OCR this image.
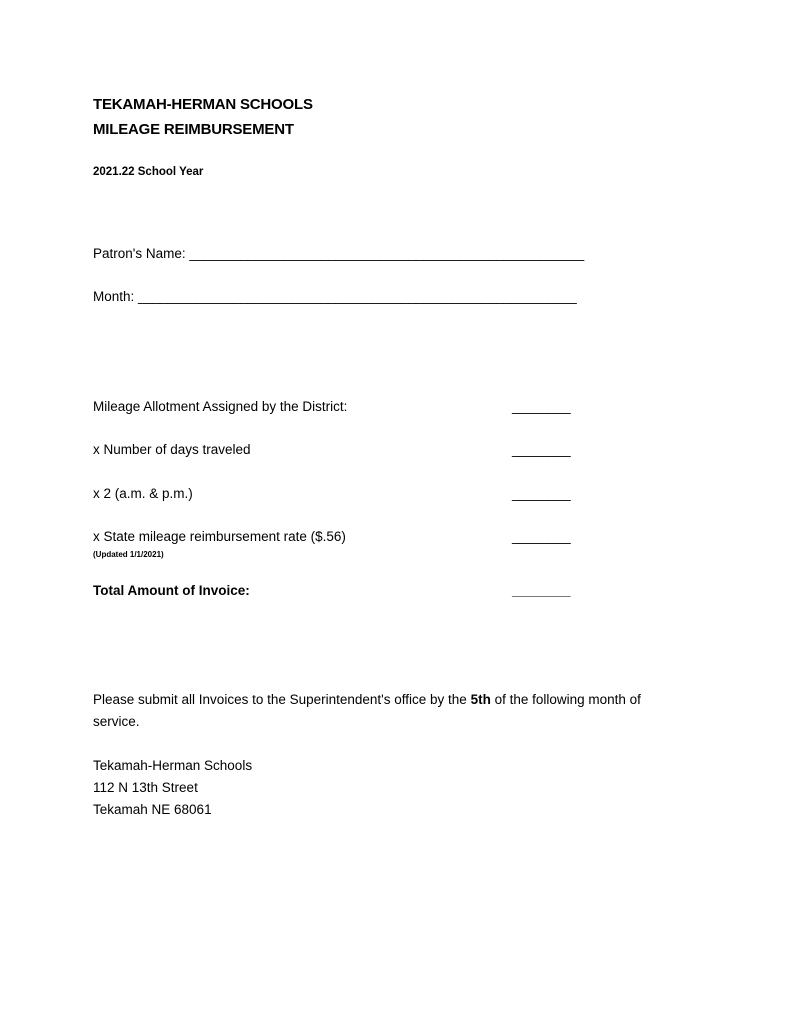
TEKAMAH-HERMAN SCHOOLS
MILEAGE REIMBURSEMENT
2021.22 School Year
Patron's Name: ______________________________________________________
Month: ____________________________________________________________
Mileage Allotment Assigned by the District:	________
x Number of days traveled	________
x 2 (a.m. & p.m.)	________
x State mileage reimbursement rate ($.56)	________
(Updated 1/1/2021)
Total Amount of Invoice:	________
Please submit all Invoices to the Superintendent's office by the 5th of the following month of
service.
Tekamah-Herman Schools
112 N 13th Street
Tekamah NE 68061
